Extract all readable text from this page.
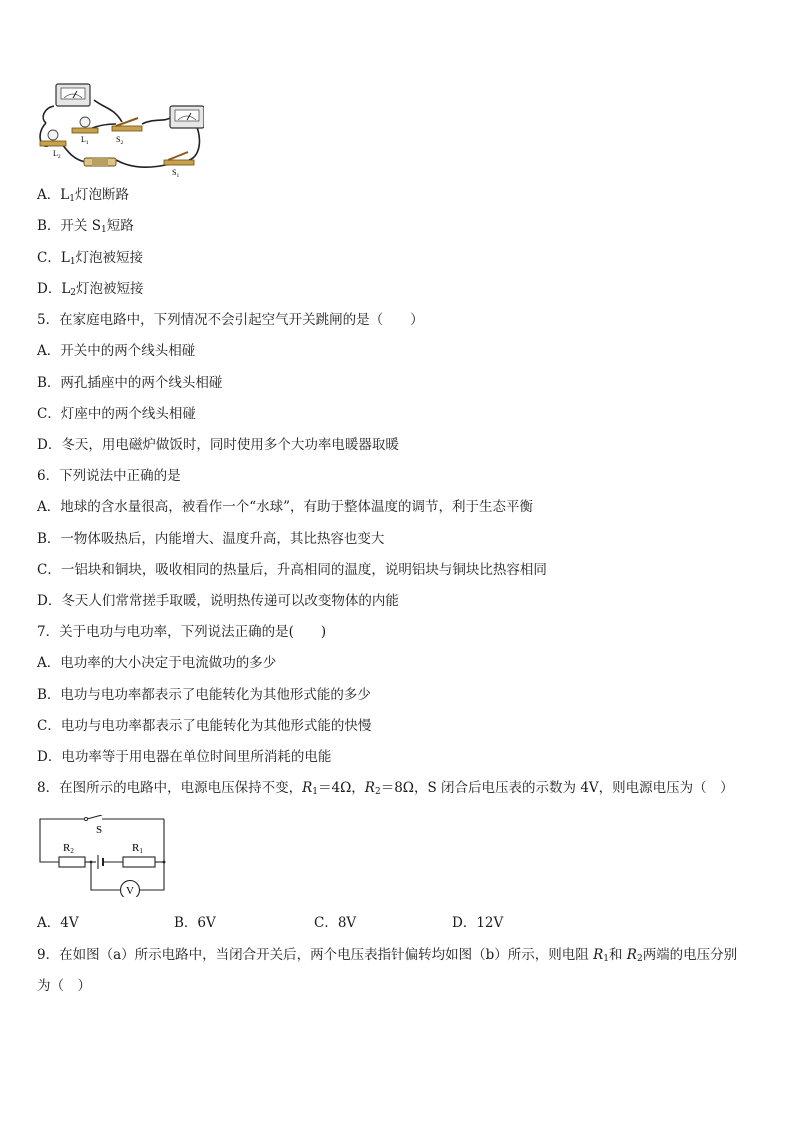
$L_1$
$L_2$
$S_2$
$S_1$
A．$L_1$灯泡断路
B．开关 $S_1$短路
C．$L_1$灯泡被短接
D．$L_2$灯泡被短接
5．在家庭电路中，下列情况不会引起空气开关跳闸的是（　　）
A．开关中的两个线头相碰
B．两孔插座中的两个线头相碰
C．灯座中的两个线头相碰
D．冬天，用电磁炉做饭时，同时使用多个大功率电暖器取暖
6．下列说法中正确的是
A．地球的含水量很高，被看作一个“水球”，有助于整体温度的调节，利于生态平衡
B．一物体吸热后，内能增大、温度升高，其比热容也变大
C．一铝块和铜块，吸收相同的热量后，升高相同的温度，说明铝块与铜块比热容相同
D．冬天人们常常搓手取暖，说明热传递可以改变物体的内能
7．关于电功与电功率，下列说法正确的是(　　)
A．电功率的大小决定于电流做功的多少
B．电功与电功率都表示了电能转化为其他形式能的多少
C．电功与电功率都表示了电能转化为其他形式能的快慢
D．电功率等于用电器在单位时间里所消耗的电能
8．在图所示的电路中，电源电压保持不变，$R_1=4\Omega$，$R_2=8\Omega$，S 闭合后电压表的示数为 4V，则电源电压为（　）
S
R2	R1
V
A．4V	B．6V	C．8V	D．12V
9．在如图（a）所示电路中，当闭合开关后，两个电压表指针偏转均如图（b）所示，则电阻 $R_1$和 $R_2$两端的电压分别
为（　）
